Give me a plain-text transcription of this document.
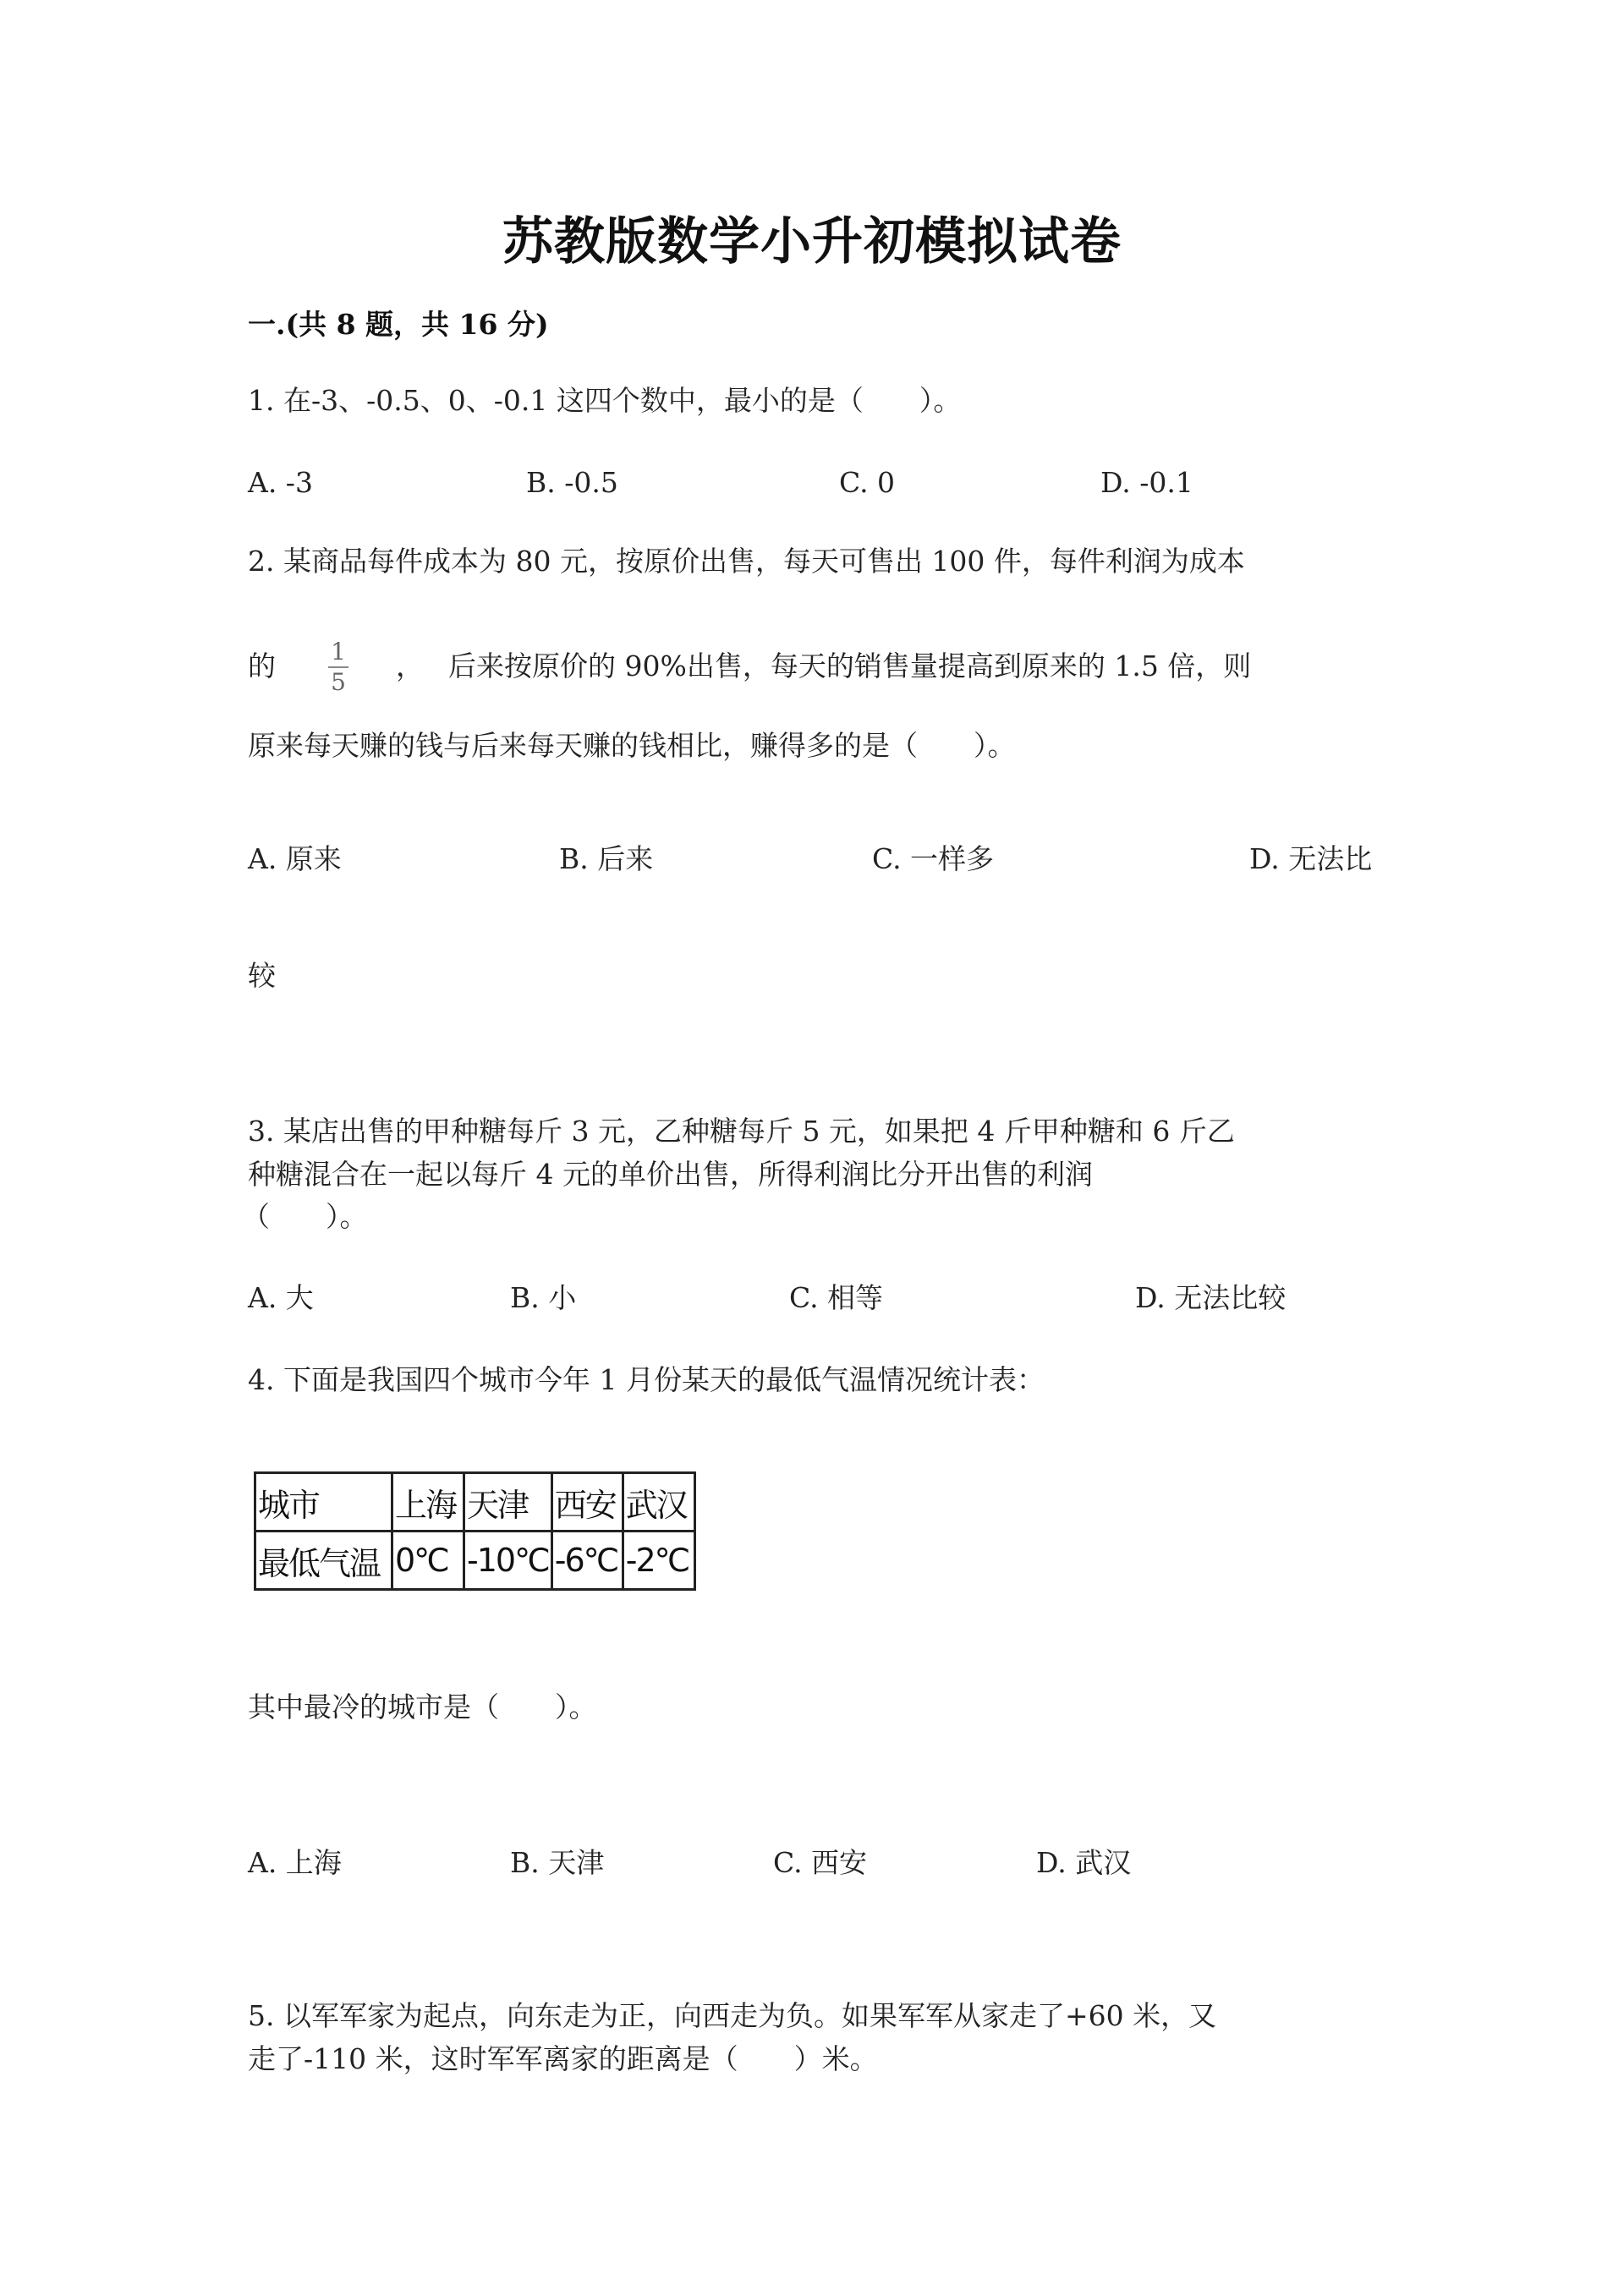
苏教版数学小升初模拟试卷
一.(共 8 题，共 16 分)
1. 在-3、-0.5、0、-0.1 这四个数中，最小的是（　　）。
A. -3	B. -0.5	C. 0	D. -0.1
2. 某商品每件成本为 80 元，按原价出售，每天可售出 100 件，每件利润为成本
的 1
5 ， 后来按原价的 90%出售，每天的销售量提高到原来的 1.5 倍，则
原来每天赚的钱与后来每天赚的钱相比，赚得多的是（　　）。
A. 原来	B. 后来	C. 一样多	D. 无法比
较
3. 某店出售的甲种糖每斤 3 元，乙种糖每斤 5 元，如果把 4 斤甲种糖和 6 斤乙
种糖混合在一起以每斤 4 元的单价出售，所得利润比分开出售的利润
（　　）。
A. 大	B. 小	C. 相等	D. 无法比较
4. 下面是我国四个城市今年 1 月份某天的最低气温情况统计表：
城市	上海	天津	西安	武汉
最低气温	0℃	-10℃	-6℃	-2℃
其中最冷的城市是（　　）。
A. 上海	B. 天津	C. 西安	D. 武汉
5. 以军军家为起点，向东走为正，向西走为负。如果军军从家走了+60 米，又
走了-110 米，这时军军离家的距离是（　　）米。
